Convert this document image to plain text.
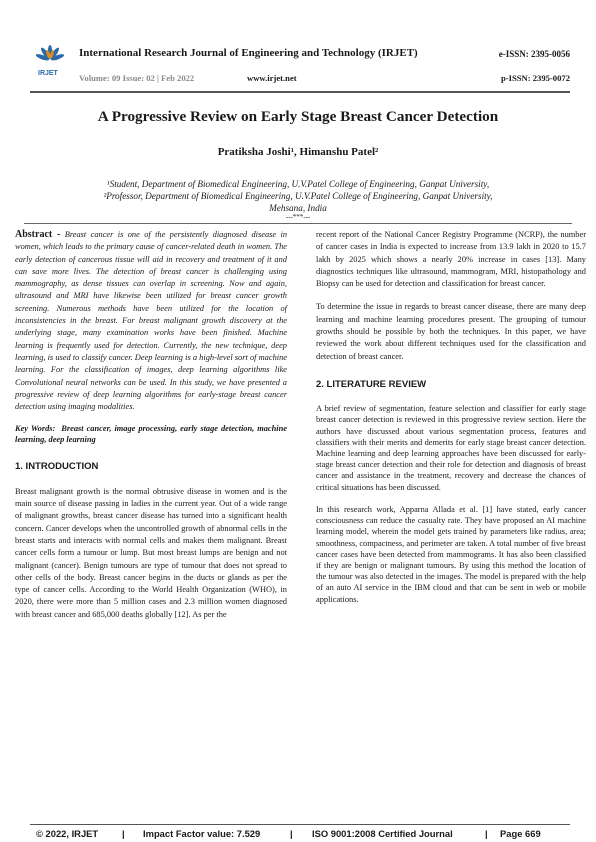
IRJET
International Research Journal of Engineering and Technology (IRJET)	e-ISSN: 2395-0056
Volume: 09 Issue: 02 | Feb 2022	www.irjet.net	p-ISSN: 2395-0072
A Progressive Review on Early Stage Breast Cancer Detection
Pratiksha Joshi¹, Himanshu Patel²
¹Student, Department of Biomedical Engineering, U.V.Patel College of Engineering, Ganpat University,
²Professor, Department of Biomedical Engineering, U.V.Patel College of Engineering, Ganpat University,
Mehsana, India
---***---

Abstract - Breast cancer is one of the persistently diagnosed disease in women, which leads to the primary cause of cancer-related death in women. The early detection of cancerous tissue will aid in recovery and treatment of it and can save more lives. The detection of breast cancer is challenging using mammography, as dense tissues can overlap in screening. Now and again, ultrasound and MRI have likewise been utilized for breast cancer growth screening. Numerous methods have been utilized for the location of inconsistencies in the breast. For breast malignant growth discovery at the underlying stage, many examination works have been finished. Machine learning is frequently used for detection. Currently, the new technique, deep learning, is used to classify cancer. Deep learning is a high-level sort of machine learning. For the classification of images, deep learning algorithms like Convolutional neural networks can be used. In this study, we have presented a progressive review of deep learning algorithms for early-stage breast cancer detection using imaging modalities.

Key Words: Breast cancer, image processing, early stage detection, machine learning, deep learning

1. INTRODUCTION

Breast malignant growth is the normal obtrusive disease in women and is the main source of disease passing in ladies in the current year. Out of a wide range of malignant growths, breast cancer disease has turned into a significant health concern. Cancer develops when the uncontrolled growth of abnormal cells in the breast starts and interacts with normal cells and makes them malignant. Breast cancer cells form a tumour or lump. But most breast lumps are benign and not malignant (cancer). Benign tumours are type of tumour that does not spread to other cells of the body. Breast cancer begins in the ducts or glands as per the type of cancer cells. According to the World Health Organization (WHO), in 2020, there were more than 5 million cases and 2.3 million women diagnosed with breast cancer and 685,000 deaths globally [12]. As per the

recent report of the National Cancer Registry Programme (NCRP), the number of cancer cases in India is expected to increase from 13.9 lakh in 2020 to 15.7 lakh by 2025 which shows a nearly 20% increase in cases [13]. Many diagnostics techniques like ultrasound, mammogram, MRI, histopathology and Biopsy can be used for detection and classification for breast cancer.

To determine the issue in regards to breast cancer disease, there are many deep learning and machine learning procedures present. The grouping of tumour growths should be possible by both the techniques. In this paper, we have reviewed the work about different techniques used for the classification and detection of breast cancer.

2. LITERATURE REVIEW

A brief review of segmentation, feature selection and classifier for early stage breast cancer detection is reviewed in this progressive review section. Here the authors have discussed about various segmentation process, features and classifiers with their merits and demerits for early stage breast cancer detection. Machine learning and deep learning approaches have been discussed for early-stage breast cancer detection and their role for detection and diagnosis of breast cancer and assistance in the treatment, recovery and decrease the chances of critical situations has been discussed.

In this research work, Apparna Allada et al. [1] have stated, early cancer consciousness can reduce the casualty rate. They have proposed an AI machine learning model, wherein the model gets trained by parameters like radius, area; smoothness, compactness, and perimeter are taken. A total number of five breast cancer cases have been detected from mammograms. It has also been classified if they are benign or malignant tumours. By using this method the location of the tumour was also detected in the images. The model is prepared with the help of an auto AI service in the IBM cloud and that can be sent in web or mobile applications.

© 2022, IRJET	| Impact Factor value: 7.529	| ISO 9001:2008 Certified Journal	| Page 669
